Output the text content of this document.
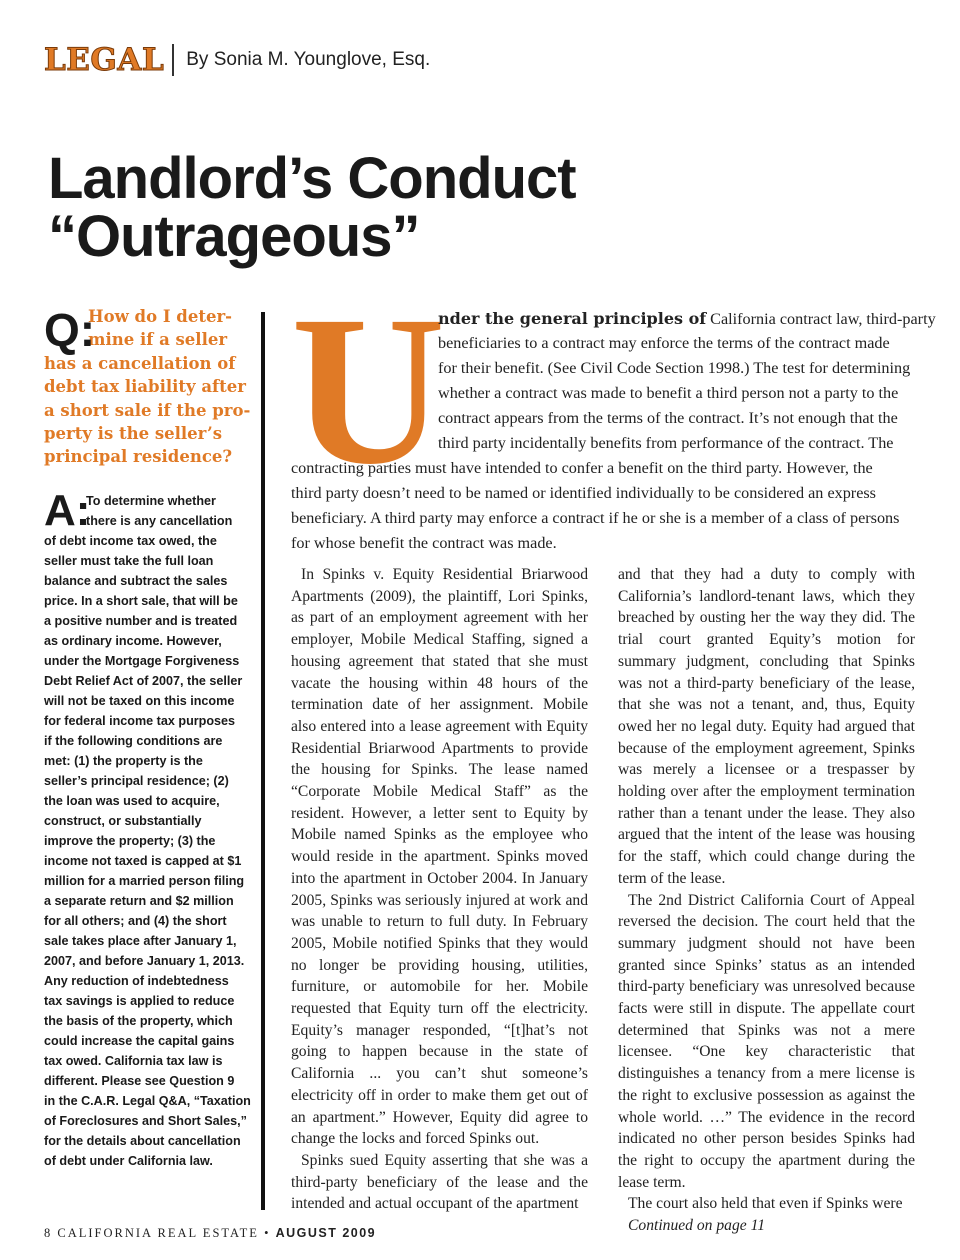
LEGAL By Sonia M. Younglove, Esq.
Landlord’s Conduct “Outrageous”
Q:
How do I deter-
mine if a seller
has a cancellation of
debt tax liability after
a short sale if the pro-
perty is the seller’s
principal residence?
A:
To determine whether
there is any cancellation
of debt income tax owed, the
seller must take the full loan
balance and subtract the sales
price. In a short sale, that will be
a positive number and is treated
as ordinary income. However,
under the Mortgage Forgiveness
Debt Relief Act of 2007, the seller
will not be taxed on this income
for federal income tax purposes
if the following conditions are
met: (1) the property is the
seller’s principal residence; (2)
the loan was used to acquire,
construct, or substantially
improve the property; (3) the
income not taxed is capped at $1
million for a married person filing
a separate return and $2 million
for all others; and (4) the short
sale takes place after January 1,
2007, and before January 1, 2013.
Any reduction of indebtedness
tax savings is applied to reduce
the basis of the property, which
could increase the capital gains
tax owed. California tax law is
different. Please see Question 9
in the C.A.R. Legal Q&A, “Taxation
of Foreclosures and Short Sales,”
for the details about cancellation
of debt under California law.
U
nder the general principles of California contract law, third-party
beneficiaries to a contract may enforce the terms of the contract made
for their benefit. (See Civil Code Section 1998.) The test for determining
whether a contract was made to benefit a third person not a party to the
contract appears from the terms of the contract. It’s not enough that the
third party incidentally benefits from performance of the contract. The
contracting parties must have intended to confer a benefit on the third party. However, the
third party doesn’t need to be named or identified individually to be considered an express
beneficiary. A third party may enforce a contract if he or she is a member of a class of persons
for whose benefit the contract was made.

In Spinks v. Equity Residential Briarwood Apartments (2009), the plaintiff, Lori Spinks, as part of an employment agreement with her employer, Mobile Medical Staffing, signed a housing agreement that stated that she must vacate the housing within 48 hours of the termination date of her assignment. Mobile also entered into a lease agreement with Equity Residential Briarwood Apartments to provide the housing for Spinks. The lease named “Corporate Mobile Medical Staff” as the resident. However, a letter sent to Equity by Mobile named Spinks as the employee who would reside in the apartment. Spinks moved into the apartment in October 2004. In January 2005, Spinks was seriously injured at work and was unable to return to full duty. In February 2005, Mobile notified Spinks that they would no longer be providing housing, utilities, furniture, or automobile for her. Mobile requested that Equity turn off the electricity. Equity’s manager responded, “[t]hat’s not going to happen because in the state of California ... you can’t shut someone’s electricity off in order to make them get out of an apartment.” However, Equity did agree to change the locks and forced Spinks out.

Spinks sued Equity asserting that she was a third-party beneficiary of the lease and the intended and actual occupant of the apartment

and that they had a duty to comply with California’s landlord-tenant laws, which they breached by ousting her the way they did. The trial court granted Equity’s motion for summary judgment, concluding that Spinks was not a third-party beneficiary of the lease, that she was not a tenant, and, thus, Equity owed her no legal duty. Equity had argued that because of the employment agreement, Spinks was merely a licensee or a trespasser by holding over after the employment termination rather than a tenant under the lease. They also argued that the intent of the lease was housing for the staff, which could change during the term of the lease.

The 2nd District California Court of Appeal reversed the decision. The court held that the summary judgment should not have been granted since Spinks’ status as an intended third-party beneficiary was unresolved because facts were still in dispute. The appellate court determined that Spinks was not a mere licensee. “One key characteristic that distinguishes a tenancy from a mere license is the right to exclusive possession as against the whole world. …” The evidence in the record indicated no other person besides Spinks had the right to occupy the apartment during the lease term.

The court also held that even if Spinks were

Continued on page 11

8 CALIFORNIA REAL ESTATE • AUGUST 2009
